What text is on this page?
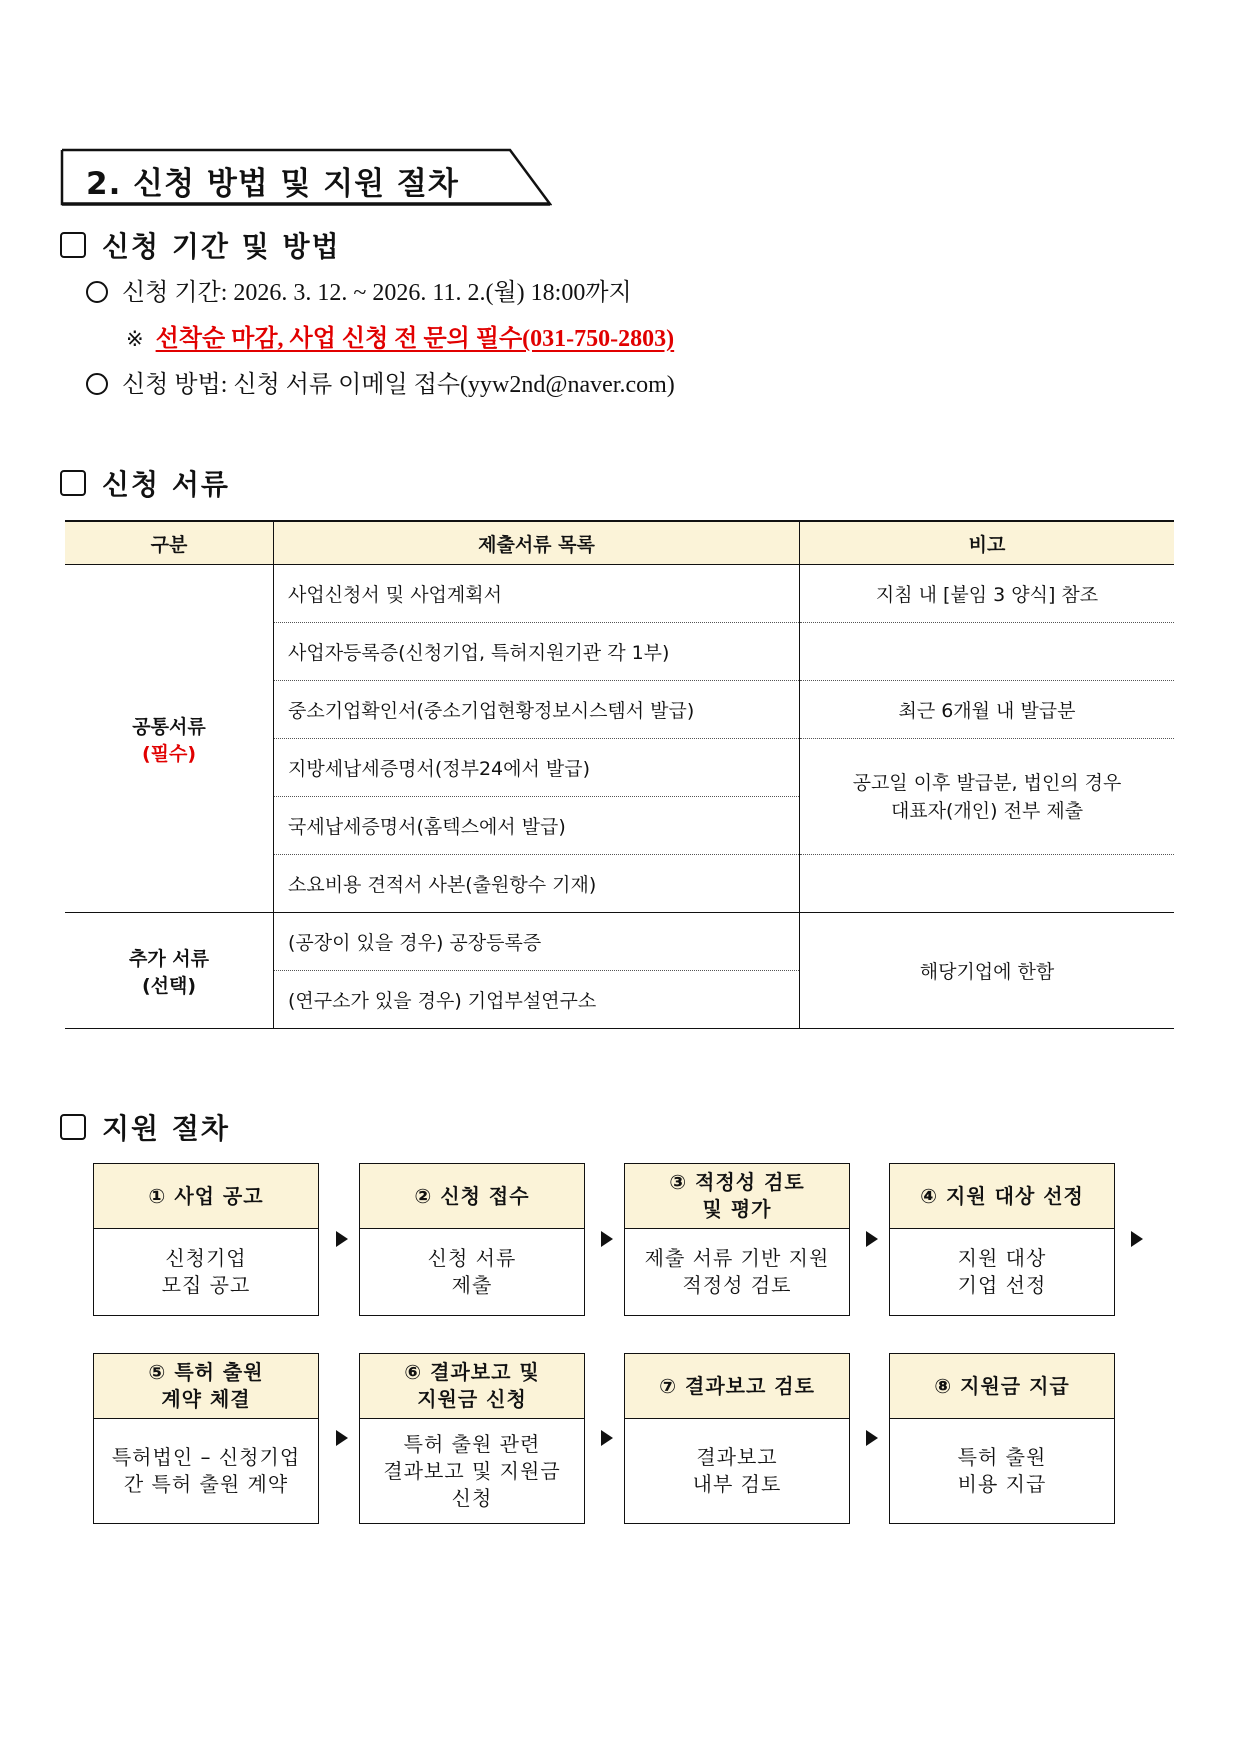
2. 신청 방법 및 지원 절차
신청 기간 및 방법
신청 기간: 2026. 3. 12. ~ 2026. 11. 2.(월) 18:00까지
※ 선착순 마감, 사업 신청 전 문의 필수(031-750-2803)
신청 방법: 신청 서류 이메일 접수(yyw2nd@naver.com)
신청 서류
구분	제출서류 목록	비고

공통서류
(필수)	사업신청서 및 사업계획서	지침 내 [붙임 3 양식] 참조
	사업자등록증(신청기업, 특허지원기관 각 1부)	
	중소기업확인서(중소기업현황정보시스템서 발급)	최근 6개월 내 발급분
	지방세납세증명서(정부24에서 발급)	공고일 이후 발급분, 법인의 경우
대표자(개인) 전부 제출
	국세납세증명서(홈텍스에서 발급)	
	소요비용 견적서 사본(출원항수 기재)	

추가 서류
(선택)	(공장이 있을 경우) 공장등록증	해당기업에 한함
	(연구소가 있을 경우) 기업부설연구소	
지원 절차
① 사업 공고
신청기업
모집 공고
② 신청 접수
신청 서류
제출
③ 적정성 검토
및 평가
제출 서류 기반 지원
적정성 검토
④ 지원 대상 선정
지원 대상
기업 선정
⑤ 특허 출원
계약 체결
특허법인 – 신청기업
간 특허 출원 계약
⑥ 결과보고 및
지원금 신청
특허 출원 관련
결과보고 및 지원금
신청
⑦ 결과보고 검토
결과보고
내부 검토
⑧ 지원금 지급
특허 출원
비용 지급
